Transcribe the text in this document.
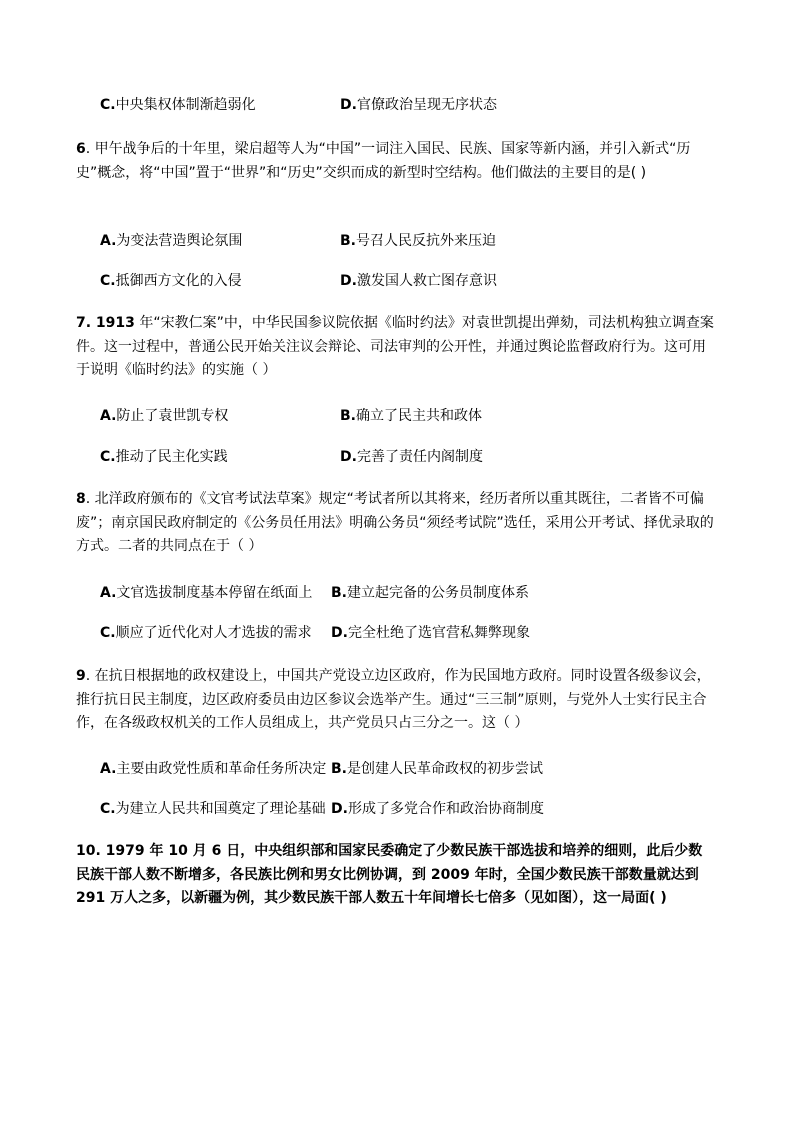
C.中央集权体制渐趋弱化	D.官僚政治呈现无序状态
6. 甲午战争后的十年里，梁启超等人为“中国”一词注入国民、民族、国家等新内涵，并引入新式“历史”概念，将“中国”置于“世界”和“历史”交织而成的新型时空结构。他们做法的主要目的是( )
A.为变法营造舆论氛围	B.号召人民反抗外来压迫
C.抵御西方文化的入侵	D.激发国人救亡图存意识
7. 1913 年“宋教仁案”中，中华民国参议院依据《临时约法》对袁世凯提出弹劾，司法机构独立调查案件。这一过程中，普通公民开始关注议会辩论、司法审判的公开性，并通过舆论监督政府行为。这可用于说明《临时约法》的实施（ ）
A.防止了袁世凯专权	B.确立了民主共和政体
C.推动了民主化实践	D.完善了责任内阁制度
8. 北洋政府颁布的《文官考试法草案》规定“考试者所以其将来，经历者所以重其既往，二者皆不可偏废”；南京国民政府制定的《公务员任用法》明确公务员“须经考试院”选任，采用公开考试、择优录取的方式。二者的共同点在于（ ）
A.文官选拔制度基本停留在纸面上 B.建立起完备的公务员制度体系
C.顺应了近代化对人才选拔的需求 D.完全杜绝了选官营私舞弊现象
9. 在抗日根据地的政权建设上，中国共产党设立边区政府，作为民国地方政府。同时设置各级参议会，推行抗日民主制度，边区政府委员由边区参议会选举产生。通过“三三制”原则，与党外人士实行民主合作，在各级政权机关的工作人员组成上，共产党员只占三分之一。这（ ）
A.主要由政党性质和革命任务所决定 B.是创建人民革命政权的初步尝试
C.为建立人民共和国奠定了理论基础 D.形成了多党合作和政治协商制度
10. 1979 年 10 月 6 日，中央组织部和国家民委确定了少数民族干部选拔和培养的细则，此后少数民族干部人数不断增多，各民族比例和男女比例协调，到 2009 年时，全国少数民族干部数量就达到 291 万人之多，以新疆为例，其少数民族干部人数五十年间增长七倍多（见如图），这一局面( )
